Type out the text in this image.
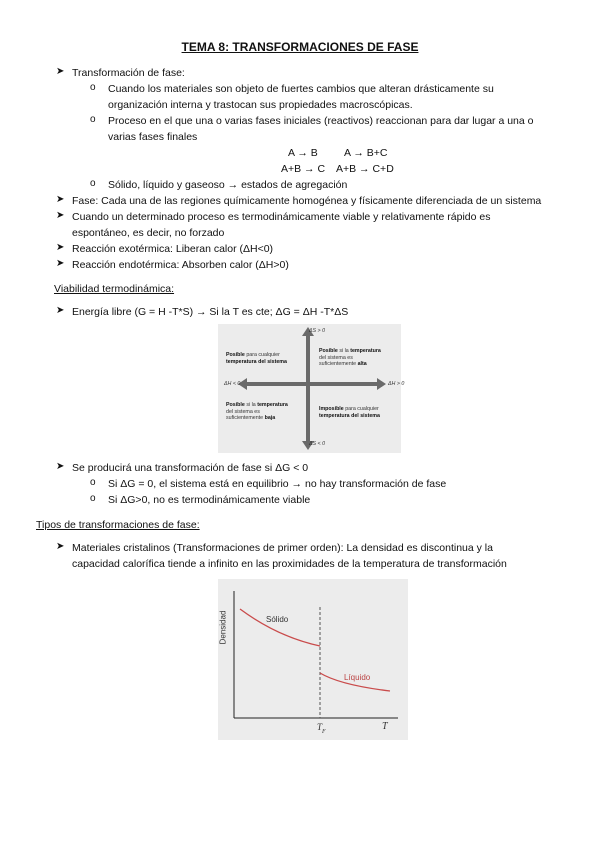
TEMA 8: TRANSFORMACIONES DE FASE
➤ Transformación de fase:
o Cuando los materiales son objeto de fuertes cambios que alteran drásticamente su
organización interna y trastocan sus propiedades macroscópicas.
o Proceso en el que una o varias fases iniciales (reactivos) reaccionan para dar lugar a una o
varias fases finales
A → B A → B+C
A+B → C A+B → C+D
o Sólido, líquido y gaseoso → estados de agregación
➤ Fase: Cada una de las regiones químicamente homogénea y físicamente diferenciada de un sistema
➤ Cuando un determinado proceso es termodinámicamente viable y relativamente rápido es
espontáneo, es decir, no forzado
➤ Reacción exotérmica: Liberan calor (ΔH<0)
➤ Reacción endotérmica: Absorben calor (ΔH>0)
Viabilidad termodinámica:
➤ Energía libre (G = H -T*S) → Si la T es cte; ΔG = ΔH -T*ΔS
ΔS > 0
ΔS < 0
ΔH < 0	ΔH > 0
Posible para cualquier
temperatura del sistema
Posible si la temperatura
del sistema es
suficientemente alta
Posible si la temperatura
del sistema es
suficientemente baja
Imposible para cualquier
temperatura del sistema
➤ Se producirá una transformación de fase si ΔG < 0
o Si ΔG = 0, el sistema está en equilibrio → no hay transformación de fase
o Si ΔG>0, no es termodinámicamente viable
Tipos de transformaciones de fase:
➤ Materiales cristalinos (Transformaciones de primer orden): La densidad es discontinua y la
capacidad calorífica tiende a infinito en las proximidades de la temperatura de transformación
Densidad	Sólido
Líquido
$T_F$	T
